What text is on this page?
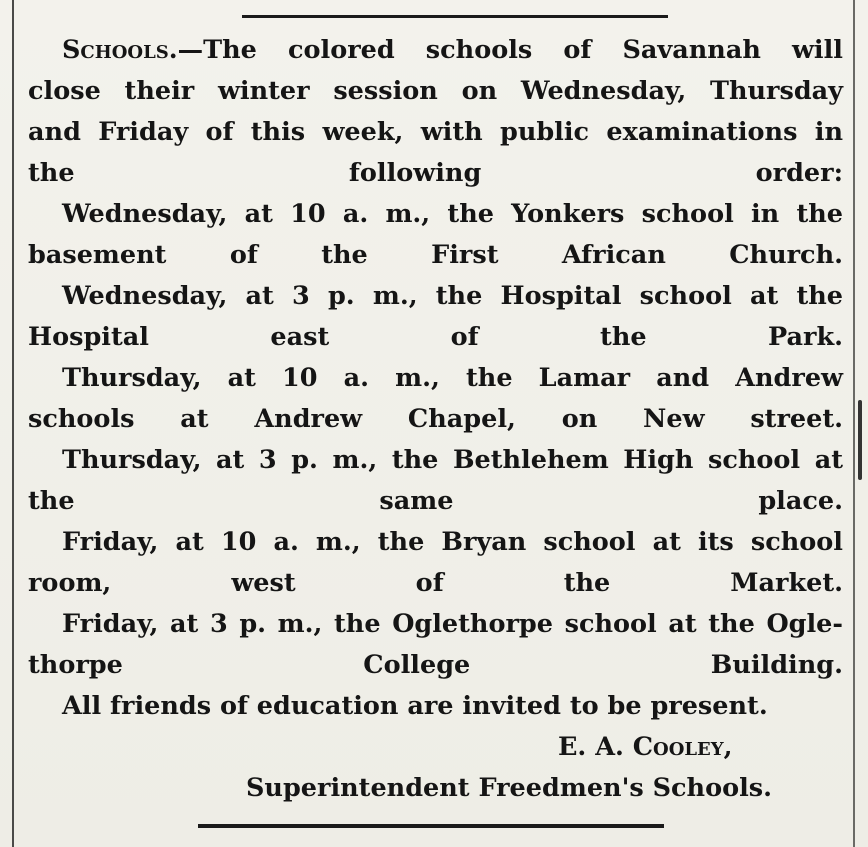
Schools. —The colored schools of Savannah will
close their winter session on Wednesday, Thursday
and Friday of this week, with public examinations in
the following order:
Wednesday, at 10 a. m., the Yonkers school in the
basement of the First African Church.
Wednesday, at 3 p. m., the Hospital school at the
Hospital east of the Park.
Thursday, at 10 a. m., the Lamar and Andrew
schools at Andrew Chapel, on New street.
Thursday, at 3 p. m., the Bethlehem High school at
the same place.
Friday, at 10 a. m., the Bryan school at its school
room, west of the Market.
Friday, at 3 p. m., the Oglethorpe school at the Ogle-
thorpe College Building.
All friends of education are invited to be present.
E. A. Cooley,
Superintendent Freedmen's Schools.
